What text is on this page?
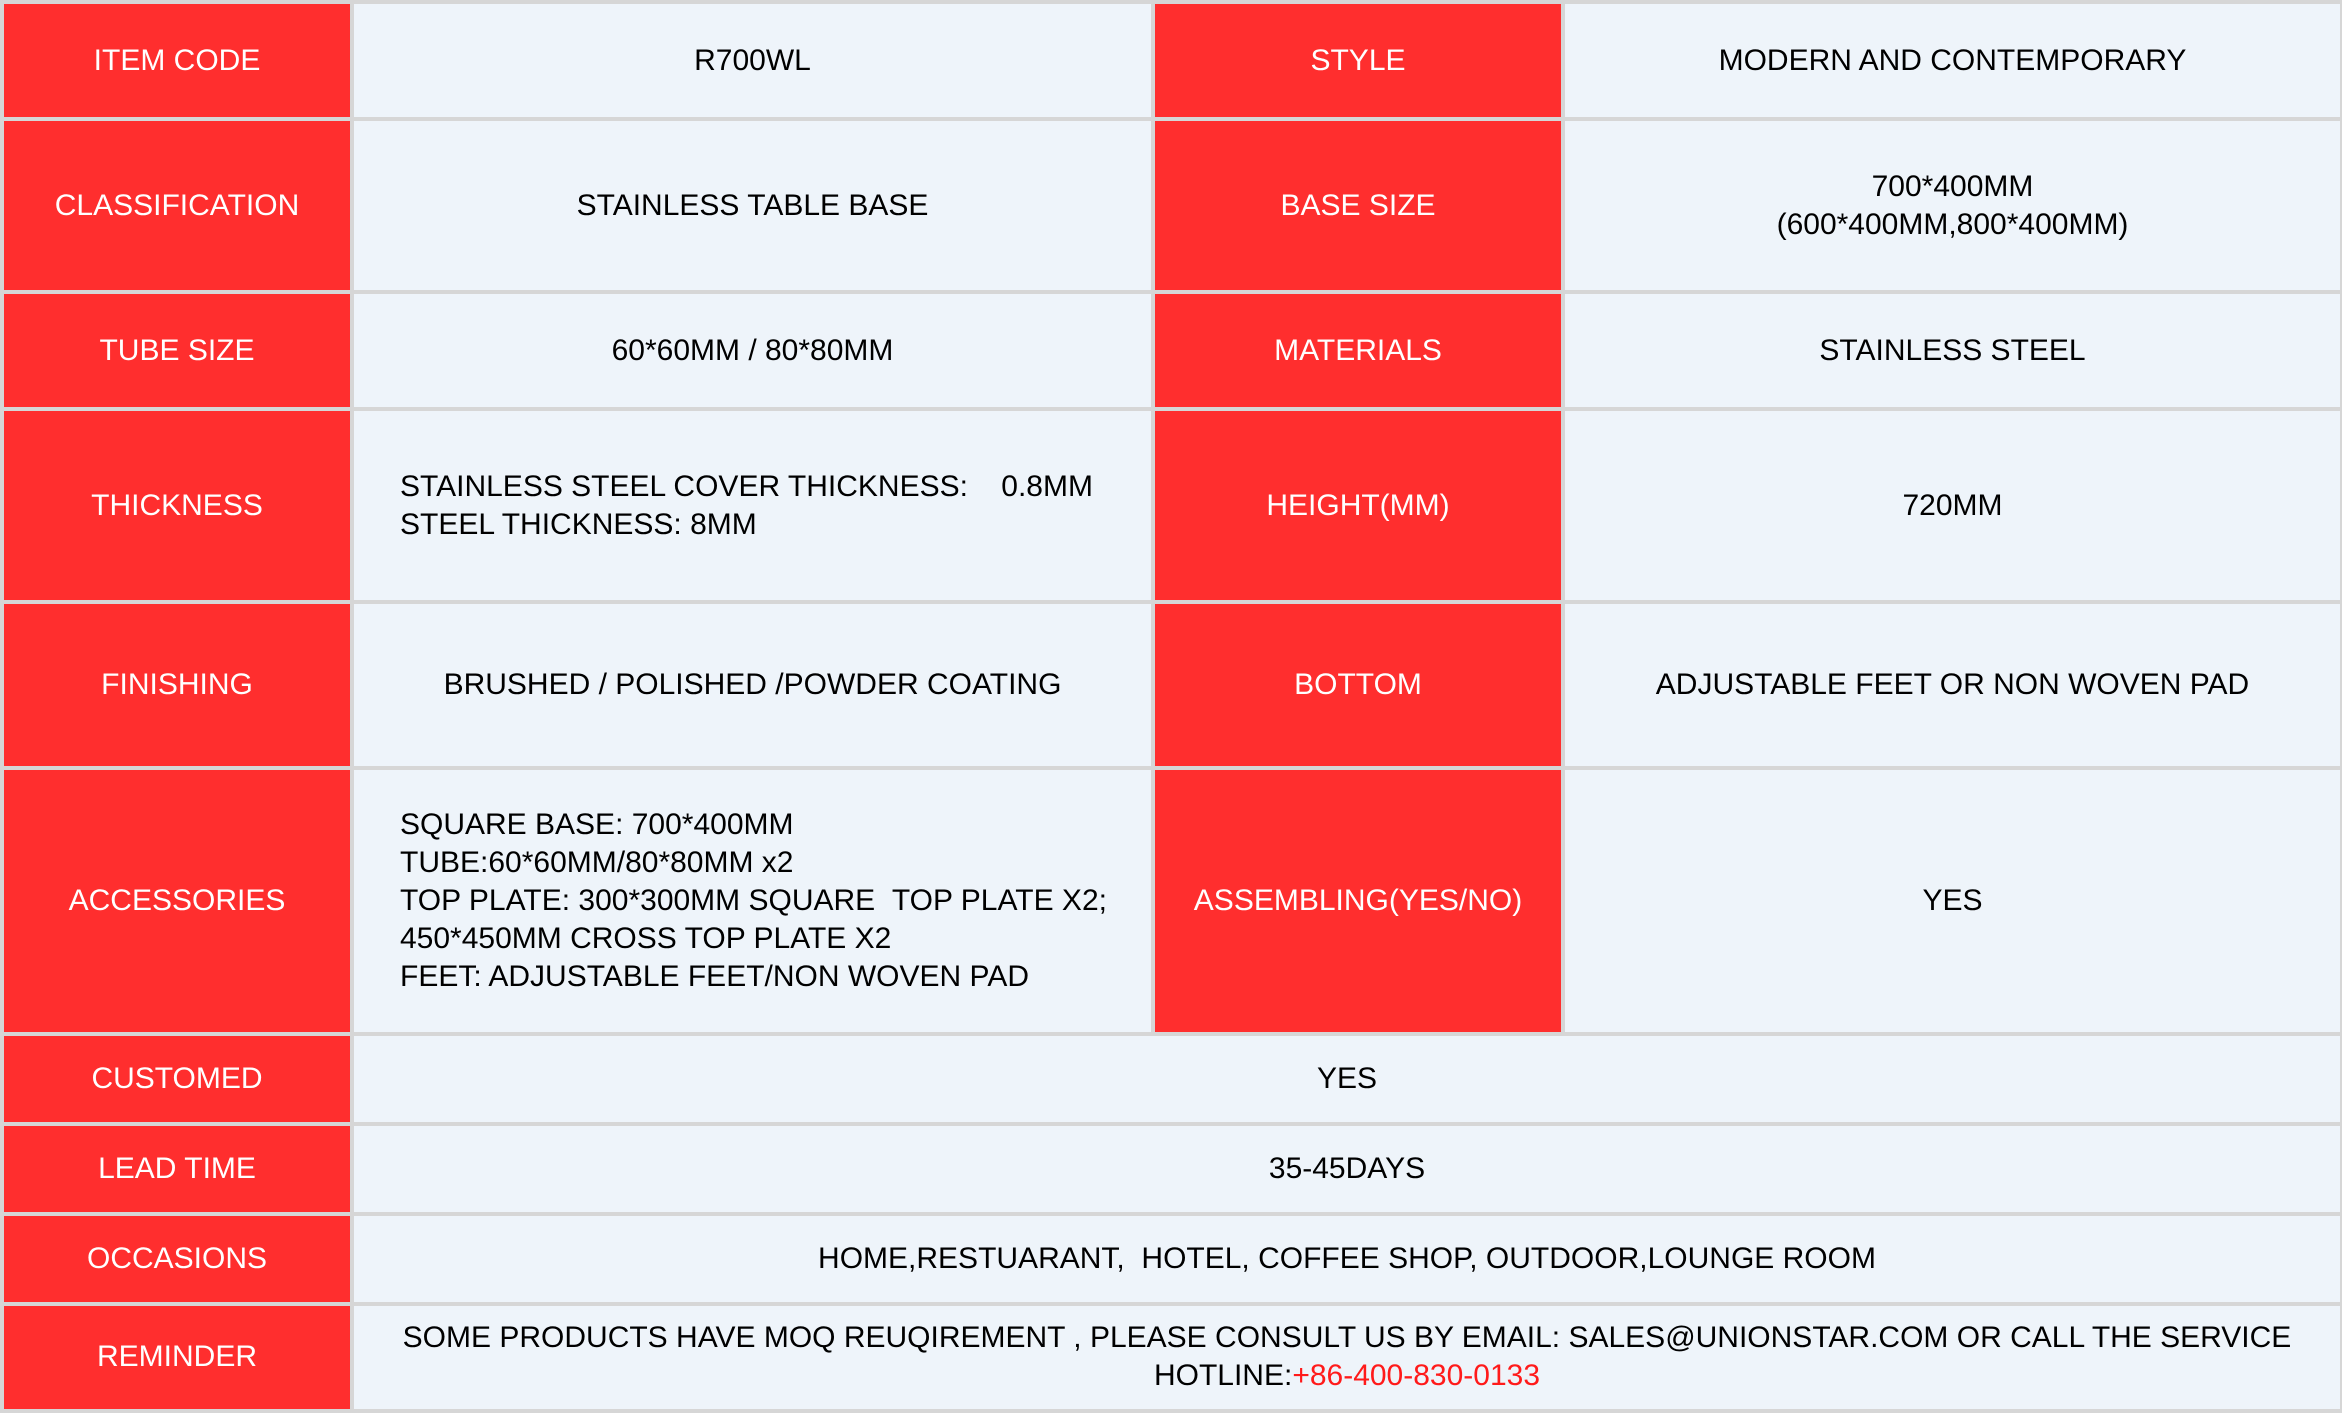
ITEM CODE	R700WL	STYLE	MODERN AND CONTEMPORARY
CLASSIFICATION	STAINLESS TABLE BASE	BASE SIZE	700*400MM
(600*400MM,800*400MM)

TUBE SIZE	60*60MM / 80*80MM	MATERIALS	STAINLESS STEEL
THICKNESS	STAINLESS STEEL COVER THICKNESS:    0.8MM
STEEL THICKNESS: 8MM	HEIGHT(MM)	720MM
FINISHING	BRUSHED / POLISHED /POWDER COATING	BOTTOM	ADJUSTABLE FEET OR NON WOVEN PAD
ACCESSORIES	SQUARE BASE: 700*400MM
TUBE:60*60MM/80*80MM x2
TOP PLATE: 300*300MM SQUARE  TOP PLATE X2;
450*450MM CROSS TOP PLATE X2
FEET: ADJUSTABLE FEET/NON WOVEN PAD	ASSEMBLING(YES/NO)	YES
CUSTOMED	YES		
LEAD TIME	35-45DAYS		
OCCASIONS	HOME,RESTUARANT,  HOTEL, COFFEE SHOP, OUTDOOR,LOUNGE ROOM		
REMINDER	SOME PRODUCTS HAVE MOQ REUQIREMENT , PLEASE CONSULT US BY EMAIL: SALES@UNIONSTAR.COM OR CALL THE SERVICE HOTLINE:+86-400-830-0133		
